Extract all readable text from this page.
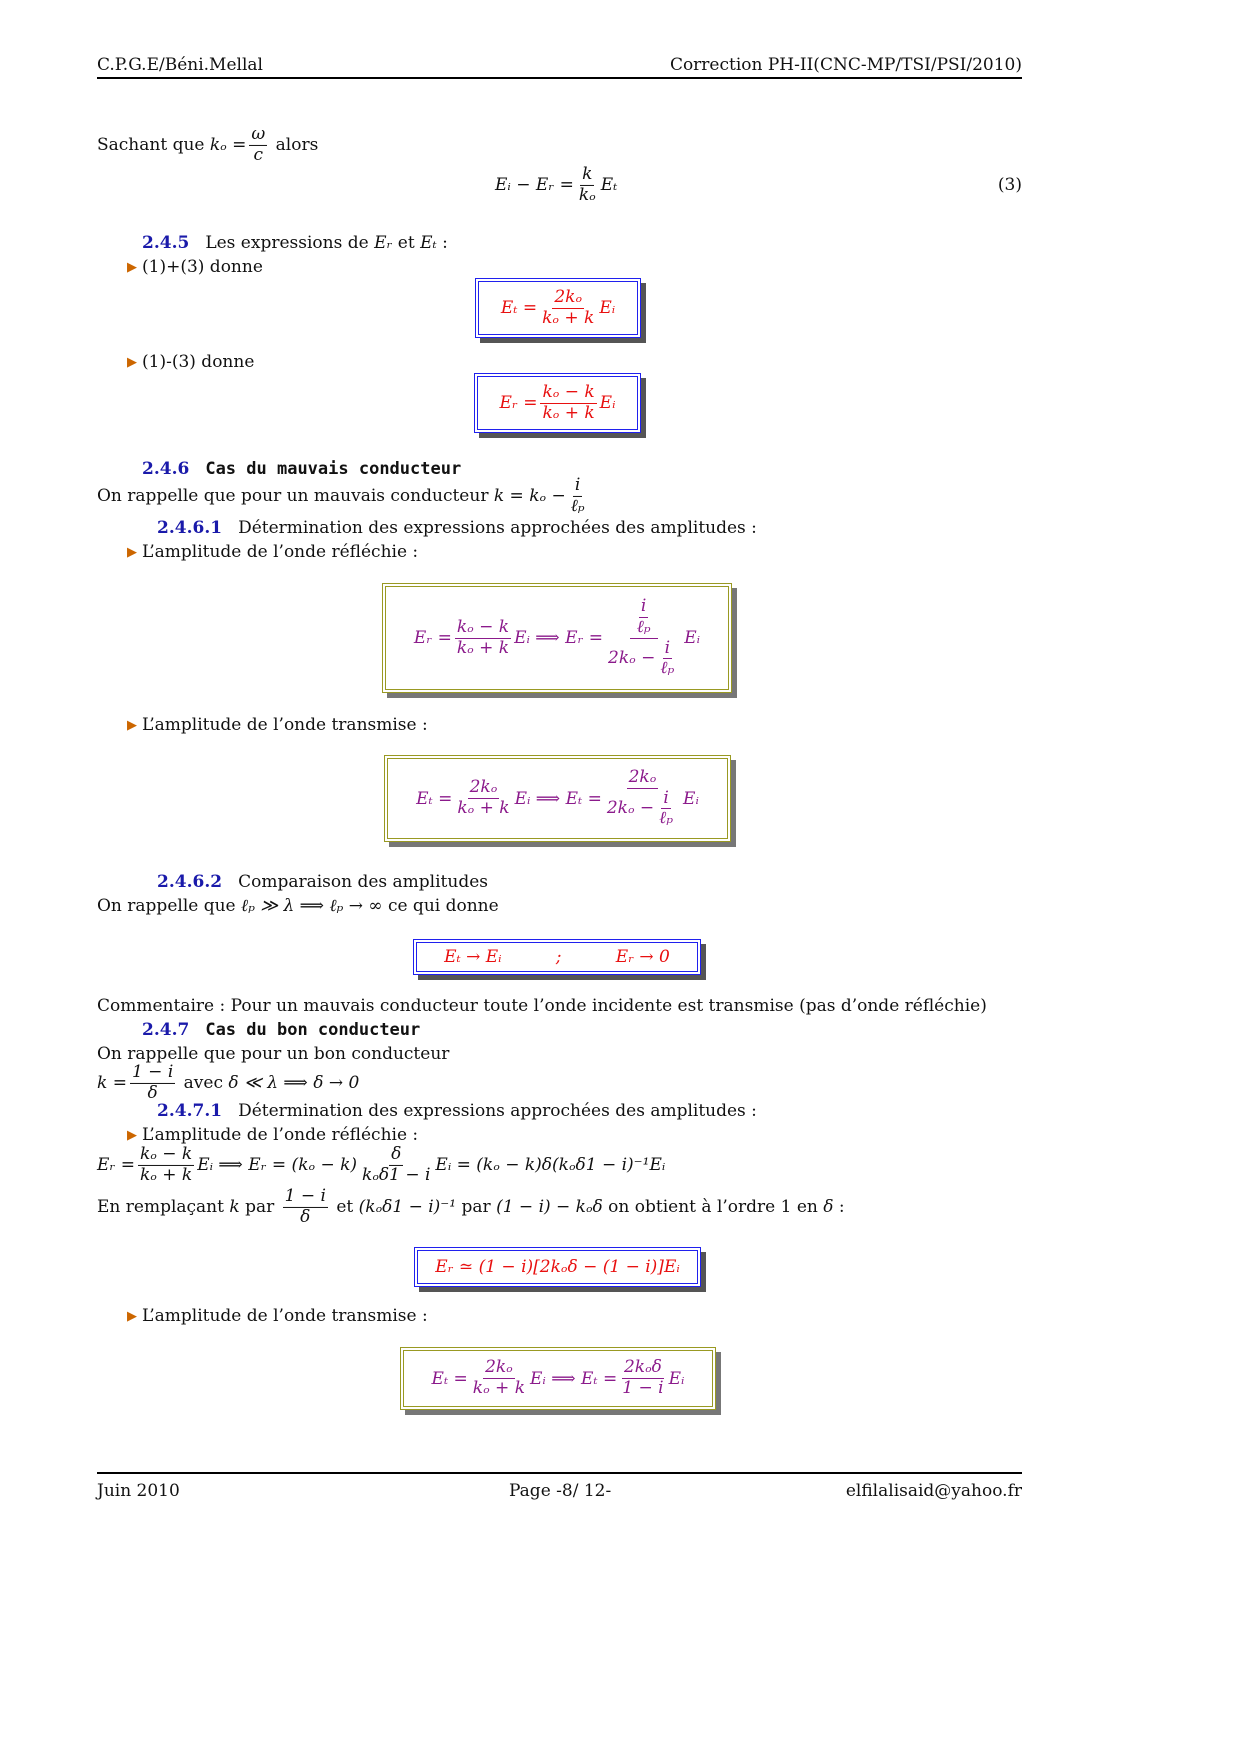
C.P.G.E/Béni.Mellal	Correction PH-II(CNC-MP/TSI/PSI/2010)
Sachant que $k_o = \frac{\omega}{c}$ alors
Eᵢ − Eᵣ = $\frac{k}{\text{kₒ}}$ Eₜ	(3)
2.4.5 Les expressions de Eᵣ et Eₜ :
▶ (1)+(3) donne
$E_t = \frac{\text{2kₒ}}{\text{kₒ + k}}$ Eᵢ
▶ (1)-(3) donne
Eᵣ = $\frac{\text{kₒ − k}}{\text{kₒ + k}}$ Eᵢ
2.4.6 Cas du mauvais conducteur
On rappelle que pour un mauvais conducteur k = kₒ −
i
ℓₚ
2.4.6.1 Détermination des expressions approchées des amplitudes :
▶ L’amplitude de l’onde réfléchie :
Eᵣ = $\frac{\text{kₒ − k}}{\text{kₒ + k}}$ Eᵢ ⟹ Eᵣ =
i
ℓₚ
2kₒ −
i
ℓₚ
Eᵢ
▶ L’amplitude de l’onde transmise :
$E_t = \frac{\text{2kₒ}}{\text{kₒ + k}}$ Eᵢ ⟹ Eₜ =
2kₒ
2kₒ −
i
ℓₚ
Eᵢ
2.4.6.2 Comparaison des amplitudes
On rappelle que ℓₚ ≫ λ ⟹ ℓₚ → ∞ ce qui donne
Eₜ → Eᵢ	;	Eᵣ → 0
Commentaire : Pour un mauvais conducteur toute l’onde incidente est transmise (pas d’onde réfléchie)
2.4.7 Cas du bon conducteur
On rappelle que pour un bon conducteur
$k = \frac{1 - i}{\delta}$ avec δ ≪ λ ⟹ δ → 0
2.4.7.1 Détermination des expressions approchées des amplitudes :
▶ L’amplitude de l’onde réfléchie :
Eᵣ = $\frac{\text{kₒ − k}}{\text{kₒ + k}}$ Eᵢ ⟹ Eᵣ = (kₒ − k)
δ
kₒδ1 − i Eᵢ = (kₒ − k)δ(kₒδ1 − i)⁻¹Eᵢ
En remplaçant k par $\frac{1 - i}{\delta}$ et (kₒδ1 − i)⁻¹ par (1 − i) − kₒδ on obtient à l’ordre 1 en δ :
Eᵣ ≃ (1 − i)[2kₒδ − (1 − i)]Eᵢ
▶ L’amplitude de l’onde transmise :
$E_t = \frac{\text{2kₒ}}{\text{kₒ + k}}$ Eᵢ ⟹ Eₜ =
2kₒδ
1 − i Eᵢ
Juin 2010	Page -8/ 12-	elfilalisaid@yahoo.fr
